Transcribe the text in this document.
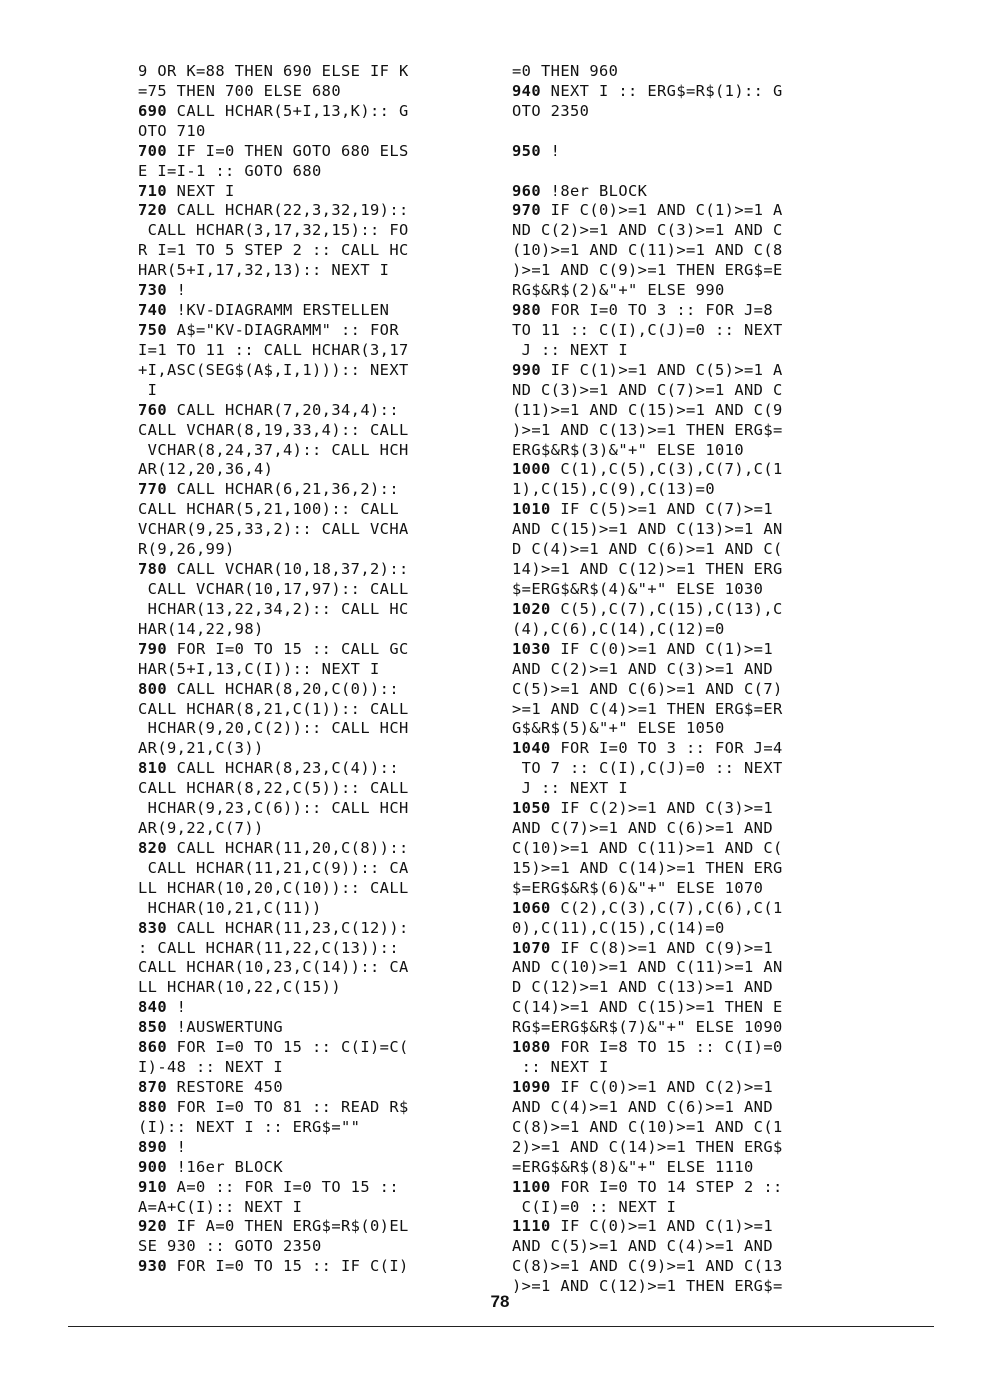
9 OR K=88 THEN 690 ELSE IF K
=75 THEN 700 ELSE 680
690 CALL HCHAR(5+I,13,K):: G
OTO 710
700 IF I=0 THEN GOTO 680 ELS
E I=I-1 :: GOTO 680
710 NEXT I
720 CALL HCHAR(22,3,32,19)::
CALL HCHAR(3,17,32,15):: FO
R I=1 TO 5 STEP 2 :: CALL HC
HAR(5+I,17,32,13):: NEXT I
730 !
740 !KV-DIAGRAMM ERSTELLEN
750 A$="KV-DIAGRAMM" :: FOR
I=1 TO 11 :: CALL HCHAR(3,17
+I,ASC(SEG$(A$,I,1))):: NEXT
I
760 CALL HCHAR(7,20,34,4)::
CALL VCHAR(8,19,33,4):: CALL
VCHAR(8,24,37,4):: CALL HCH
AR(12,20,36,4)
770 CALL HCHAR(6,21,36,2)::
CALL HCHAR(5,21,100):: CALL
VCHAR(9,25,33,2):: CALL VCHA
R(9,26,99)
780 CALL VCHAR(10,18,37,2)::
CALL VCHAR(10,17,97):: CALL
HCHAR(13,22,34,2):: CALL HC
HAR(14,22,98)
790 FOR I=0 TO 15 :: CALL GC
HAR(5+I,13,C(I)):: NEXT I
800 CALL HCHAR(8,20,C(0))::
CALL HCHAR(8,21,C(1)):: CALL
HCHAR(9,20,C(2)):: CALL HCH
AR(9,21,C(3))
810 CALL HCHAR(8,23,C(4))::
CALL HCHAR(8,22,C(5)):: CALL
HCHAR(9,23,C(6)):: CALL HCH
AR(9,22,C(7))
820 CALL HCHAR(11,20,C(8))::
CALL HCHAR(11,21,C(9)):: CA
LL HCHAR(10,20,C(10)):: CALL
HCHAR(10,21,C(11))
830 CALL HCHAR(11,23,C(12)):
: CALL HCHAR(11,22,C(13))::
CALL HCHAR(10,23,C(14)):: CA
LL HCHAR(10,22,C(15))
840 !
850 !AUSWERTUNG
860 FOR I=0 TO 15 :: C(I)=C(
I)-48 :: NEXT I
870 RESTORE 450
880 FOR I=0 TO 81 :: READ R$
(I):: NEXT I :: ERG$=""
890 !
900 !16er BLOCK
910 A=0 :: FOR I=0 TO 15 ::
A=A+C(I):: NEXT I
920 IF A=0 THEN ERG$=R$(0)EL
SE 930 :: GOTO 2350
930 FOR I=0 TO 15 :: IF C(I)
=0 THEN 960
940 NEXT I :: ERG$=R$(1):: G
OTO 2350
950 !
960 !8er BLOCK
970 IF C(0)>=1 AND C(1)>=1 A
ND C(2)>=1 AND C(3)>=1 AND C
(10)>=1 AND C(11)>=1 AND C(8
)>=1 AND C(9)>=1 THEN ERG$=E
RG$&R$(2)&"+" ELSE 990
980 FOR I=0 TO 3 :: FOR J=8
TO 11 :: C(I),C(J)=0 :: NEXT
J :: NEXT I
990 IF C(1)>=1 AND C(5)>=1 A
ND C(3)>=1 AND C(7)>=1 AND C
(11)>=1 AND C(15)>=1 AND C(9
)>=1 AND C(13)>=1 THEN ERG$=
ERG$&R$(3)&"+" ELSE 1010
1000 C(1),C(5),C(3),C(7),C(1
1),C(15),C(9),C(13)=0
1010 IF C(5)>=1 AND C(7)>=1
AND C(15)>=1 AND C(13)>=1 AN
D C(4)>=1 AND C(6)>=1 AND C(
14)>=1 AND C(12)>=1 THEN ERG
$=ERG$&R$(4)&"+" ELSE 1030
1020 C(5),C(7),C(15),C(13),C
(4),C(6),C(14),C(12)=0
1030 IF C(0)>=1 AND C(1)>=1
AND C(2)>=1 AND C(3)>=1 AND
C(5)>=1 AND C(6)>=1 AND C(7)
>=1 AND C(4)>=1 THEN ERG$=ER
G$&R$(5)&"+" ELSE 1050
1040 FOR I=0 TO 3 :: FOR J=4
TO 7 :: C(I),C(J)=0 :: NEXT
J :: NEXT I
1050 IF C(2)>=1 AND C(3)>=1
AND C(7)>=1 AND C(6)>=1 AND
C(10)>=1 AND C(11)>=1 AND C(
15)>=1 AND C(14)>=1 THEN ERG
$=ERG$&R$(6)&"+" ELSE 1070
1060 C(2),C(3),C(7),C(6),C(1
0),C(11),C(15),C(14)=0
1070 IF C(8)>=1 AND C(9)>=1
AND C(10)>=1 AND C(11)>=1 AN
D C(12)>=1 AND C(13)>=1 AND
C(14)>=1 AND C(15)>=1 THEN E
RG$=ERG$&R$(7)&"+" ELSE 1090
1080 FOR I=8 TO 15 :: C(I)=0
:: NEXT I
1090 IF C(0)>=1 AND C(2)>=1
AND C(4)>=1 AND C(6)>=1 AND
C(8)>=1 AND C(10)>=1 AND C(1
2)>=1 AND C(14)>=1 THEN ERG$
=ERG$&R$(8)&"+" ELSE 1110
1100 FOR I=0 TO 14 STEP 2 ::
C(I)=0 :: NEXT I
1110 IF C(0)>=1 AND C(1)>=1
AND C(5)>=1 AND C(4)>=1 AND
C(8)>=1 AND C(9)>=1 AND C(13
)>=1 AND C(12)>=1 THEN ERG$=
78
